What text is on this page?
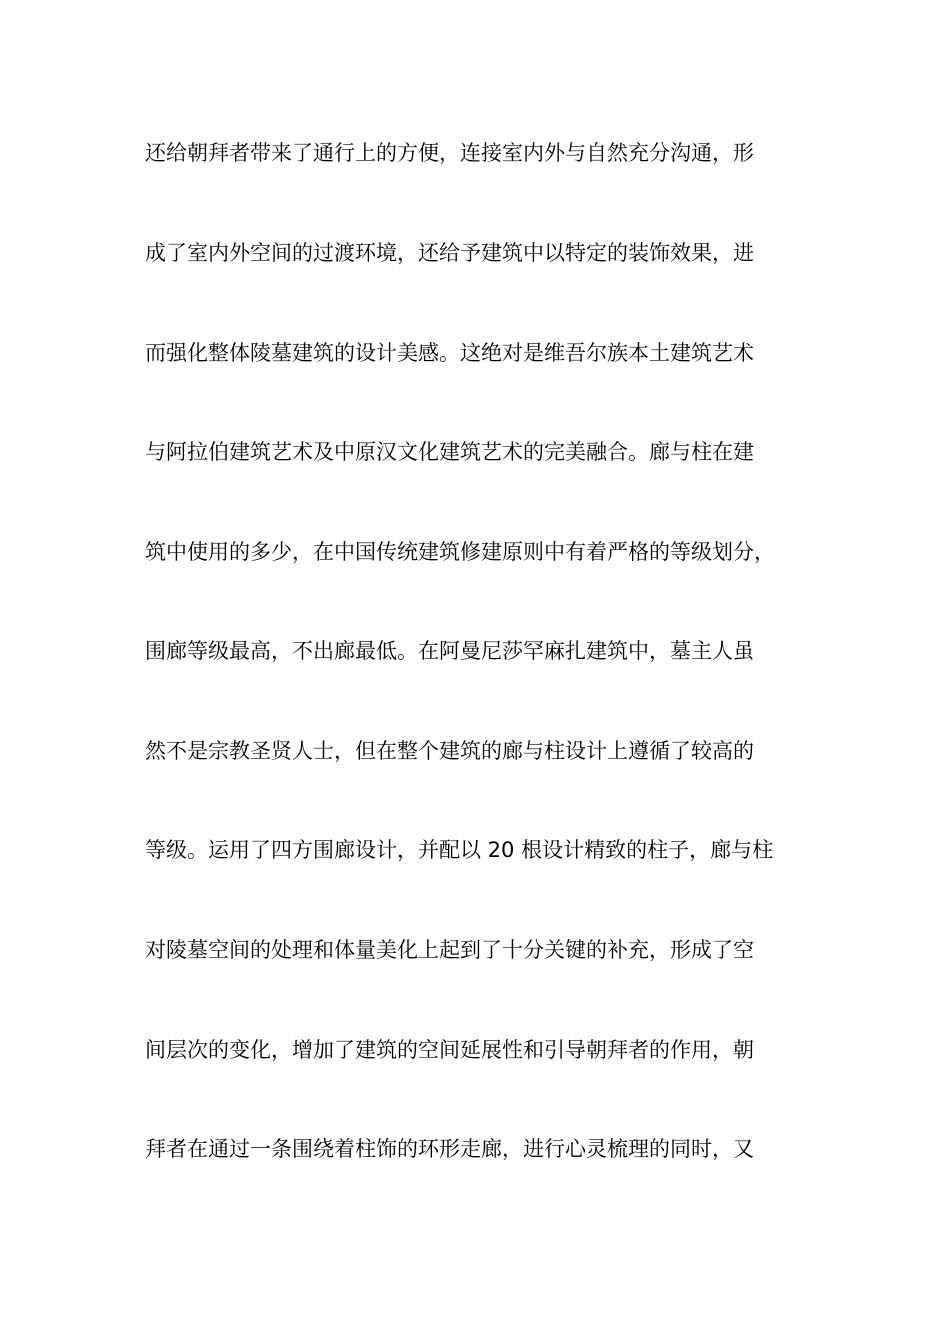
还给朝拜者带来了通行上的方便，连接室内外与自然充分沟通，形
成了室内外空间的过渡环境，还给予建筑中以特定的装饰效果，进
而强化整体陵墓建筑的设计美感。这绝对是维吾尔族本土建筑艺术
与阿拉伯建筑艺术及中原汉文化建筑艺术的完美融合。廊与柱在建
筑中使用的多少，在中国传统建筑修建原则中有着严格的等级划分，
围廊等级最高，不出廊最低。在阿曼尼莎罕麻扎建筑中，墓主人虽
然不是宗教圣贤人士，但在整个建筑的廊与柱设计上遵循了较高的
等级。运用了四方围廊设计，并配以 20 根设计精致的柱子，廊与柱
对陵墓空间的处理和体量美化上起到了十分关键的补充，形成了空
间层次的变化，增加了建筑的空间延展性和引导朝拜者的作用，朝
拜者在通过一条围绕着柱饰的环形走廊，进行心灵梳理的同时，又
